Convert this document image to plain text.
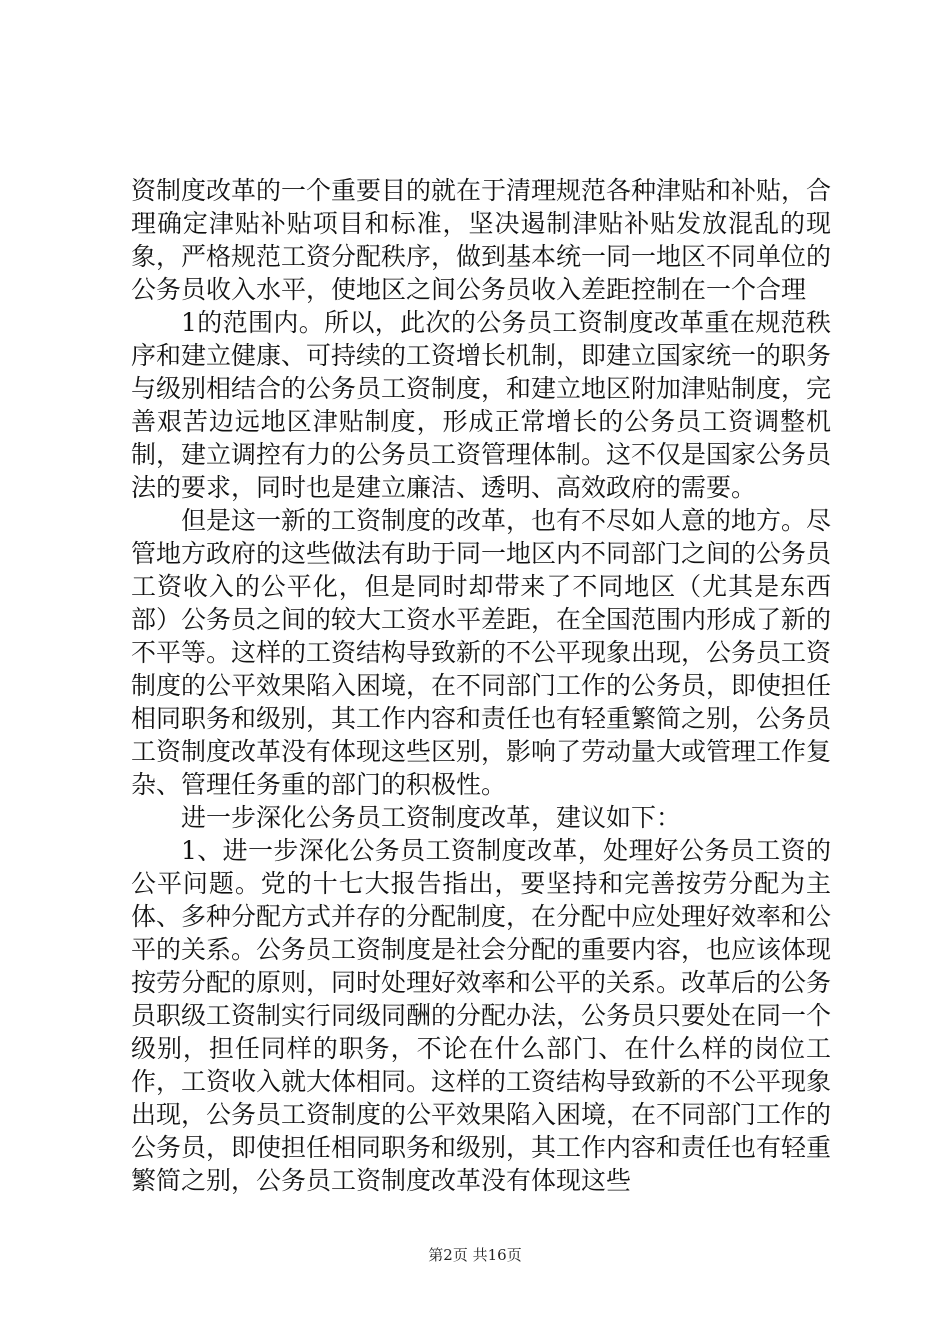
资制度改革的一个重要目的就在于清理规范各种津贴和补贴，合理确定津贴补贴项目和标准，坚决遏制津贴补贴发放混乱的现象，严格规范工资分配秩序，做到基本统一同一地区不同单位的公务员收入水平，使地区之间公务员收入差距控制在一个合理

1的范围内。所以，此次的公务员工资制度改革重在规范秩序和建立健康、可持续的工资增长机制，即建立国家统一的职务与级别相结合的公务员工资制度，和建立地区附加津贴制度，完善艰苦边远地区津贴制度，形成正常增长的公务员工资调整机制，建立调控有力的公务员工资管理体制。这不仅是国家公务员法的要求，同时也是建立廉洁、透明、高效政府的需要。

但是这一新的工资制度的改革，也有不尽如人意的地方。尽管地方政府的这些做法有助于同一地区内不同部门之间的公务员工资收入的公平化，但是同时却带来了不同地区（尤其是东西部）公务员之间的较大工资水平差距，在全国范围内形成了新的不平等。这样的工资结构导致新的不公平现象出现，公务员工资制度的公平效果陷入困境，在不同部门工作的公务员，即使担任相同职务和级别，其工作内容和责任也有轻重繁简之别，公务员工资制度改革没有体现这些区别，影响了劳动量大或管理工作复杂、管理任务重的部门的积极性。

进一步深化公务员工资制度改革，建议如下：

1、进一步深化公务员工资制度改革，处理好公务员工资的公平问题。党的十七大报告指出，要坚持和完善按劳分配为主体、多种分配方式并存的分配制度，在分配中应处理好效率和公平的关系。公务员工资制度是社会分配的重要内容，也应该体现按劳分配的原则，同时处理好效率和公平的关系。改革后的公务员职级工资制实行同级同酬的分配办法，公务员只要处在同一个级别，担任同样的职务，不论在什么部门、在什么样的岗位工作，工资收入就大体相同。这样的工资结构导致新的不公平现象出现，公务员工资制度的公平效果陷入困境，在不同部门工作的公务员，即使担任相同职务和级别，其工作内容和责任也有轻重繁简之别，公务员工资制度改革没有体现这些

第2页 共16页
